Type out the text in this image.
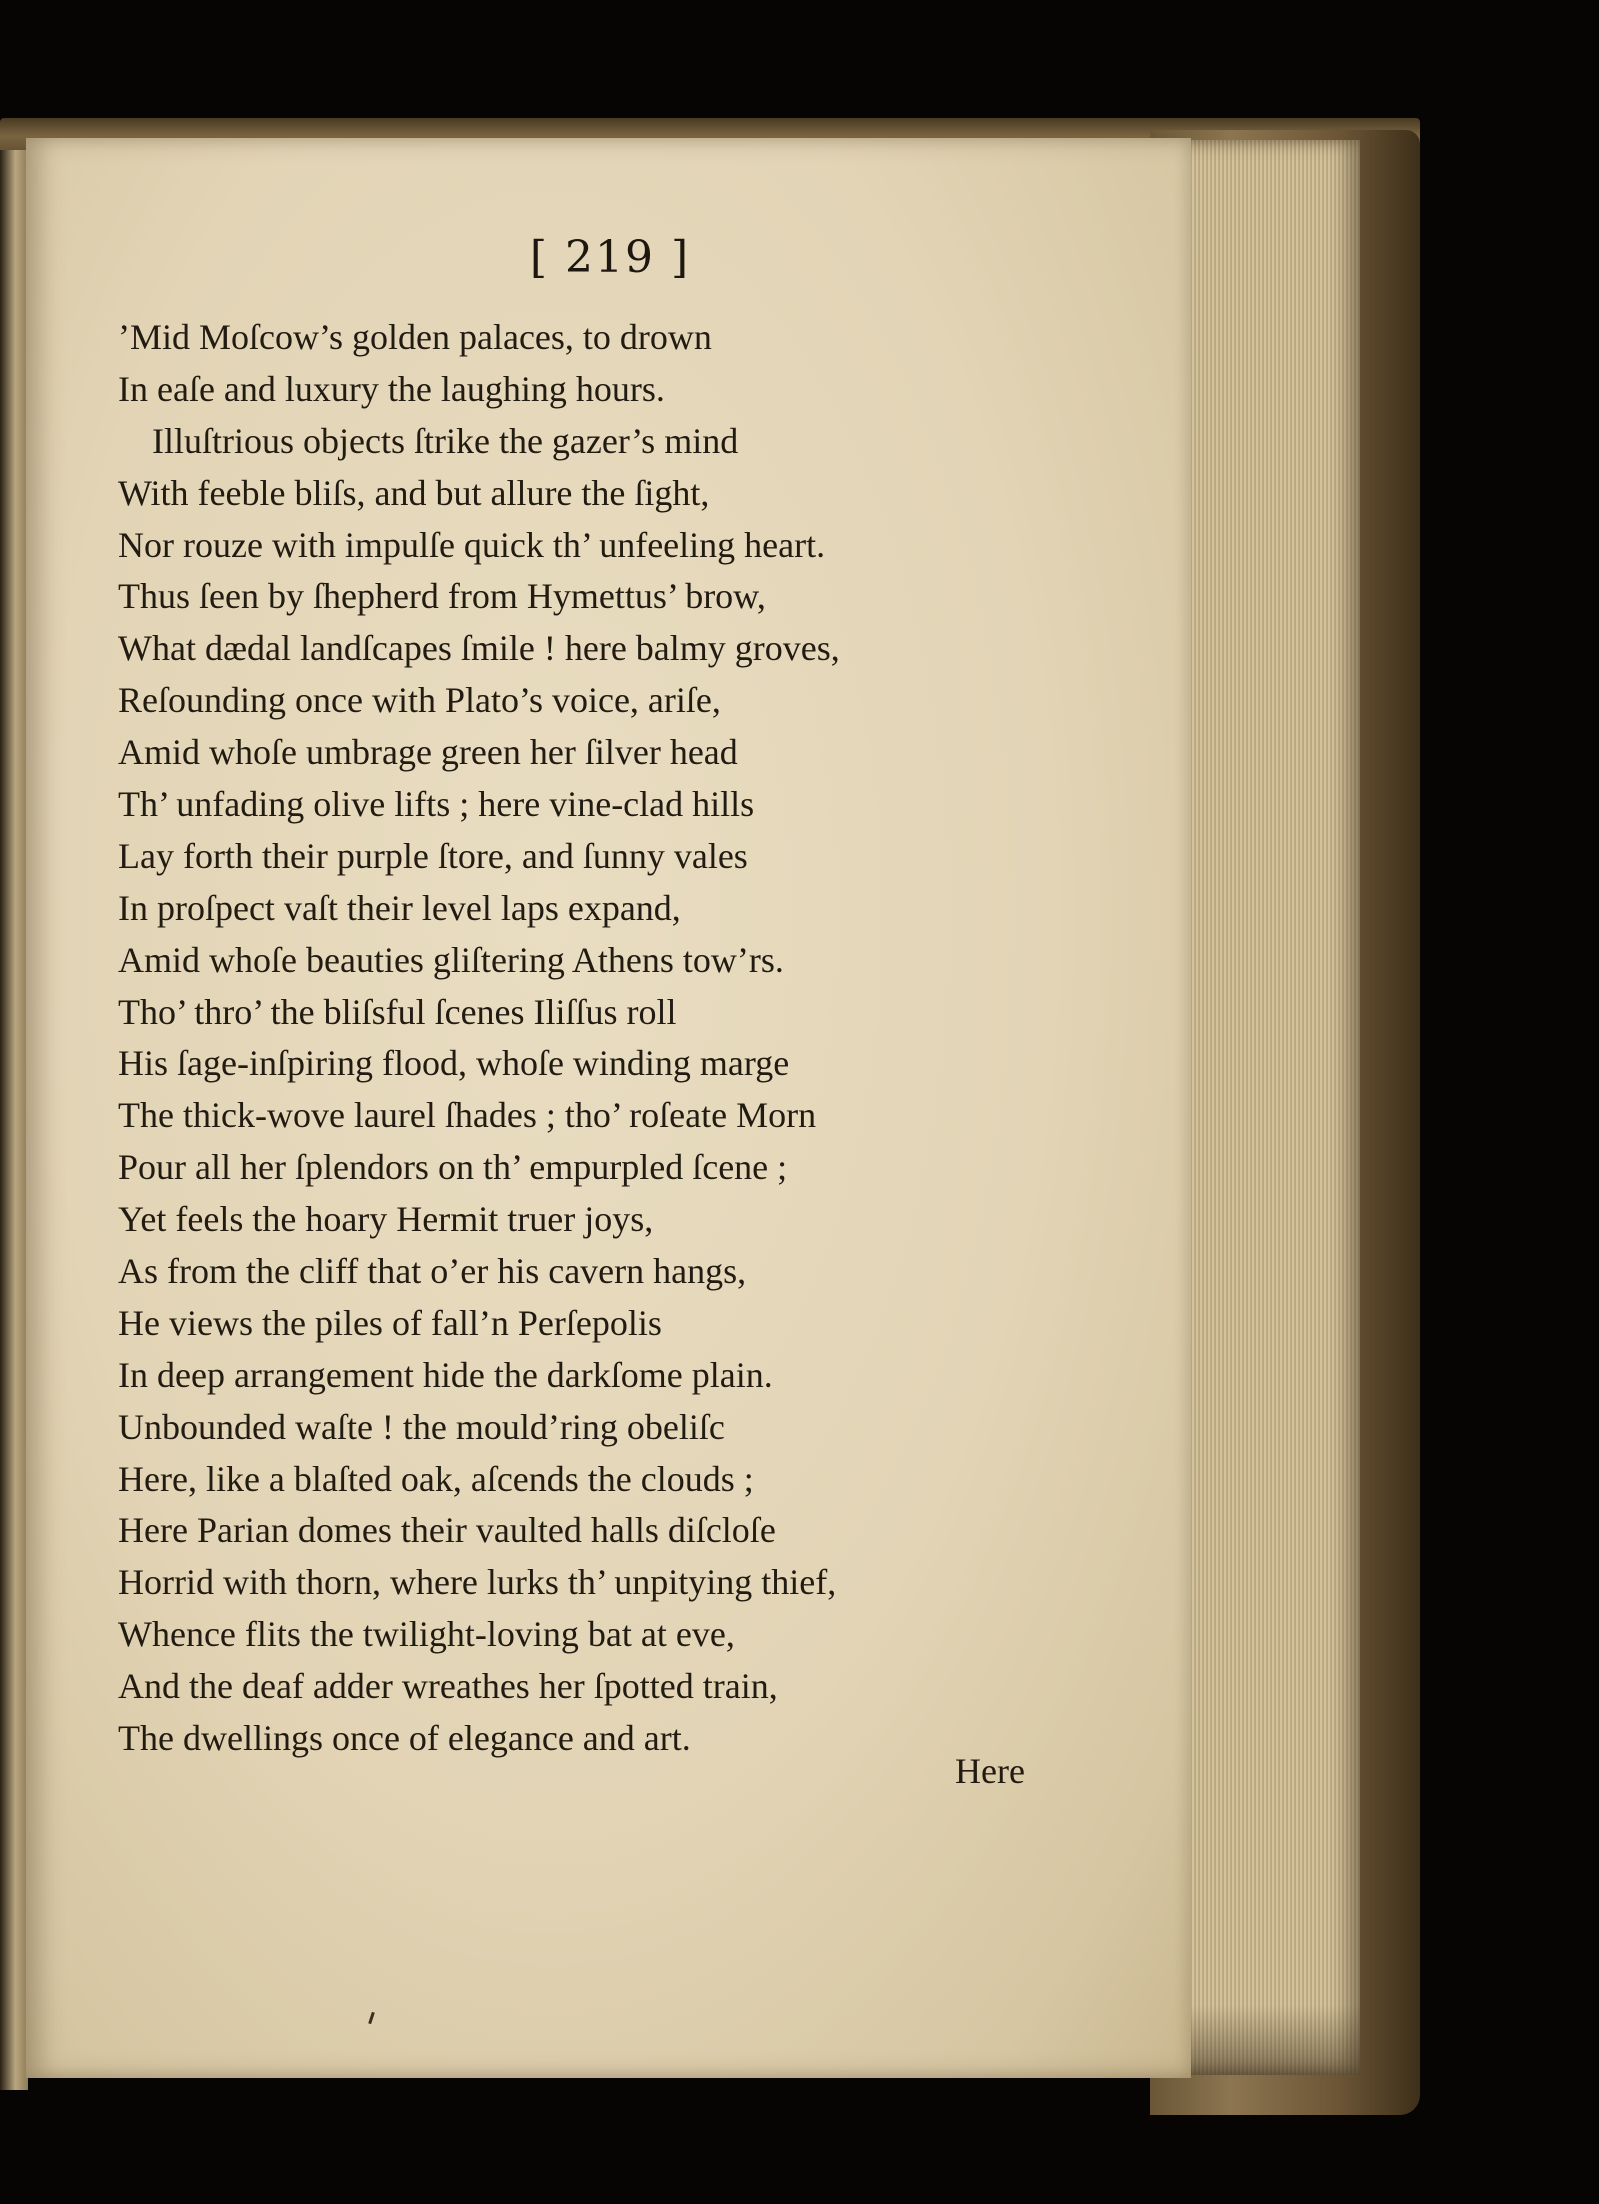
[ 219 ]
’Mid Moſcow’s golden palaces, to drown
In eaſe and luxury the laughing hours.
Illuſtrious objects ſtrike the gazer’s mind
With feeble bliſs, and but allure the ſight,
Nor rouze with impulſe quick th’ unfeeling heart.
Thus ſeen by ſhepherd from Hymettus’ brow,
What dædal landſcapes ſmile ! here balmy groves,
Reſounding once with Plato’s voice, ariſe,
Amid whoſe umbrage green her ſilver head
Th’ unfading olive lifts ; here vine-clad hills
Lay forth their purple ſtore, and ſunny vales
In proſpect vaſt their level laps expand,
Amid whoſe beauties gliſtering Athens tow’rs.
Tho’ thro’ the bliſsful ſcenes Iliſſus roll
His ſage-inſpiring flood, whoſe winding marge
The thick-wove laurel ſhades ; tho’ roſeate Morn
Pour all her ſplendors on th’ empurpled ſcene ;
Yet feels the hoary Hermit truer joys,
As from the cliff that o’er his cavern hangs,
He views the piles of fall’n Perſepolis
In deep arrangement hide the darkſome plain.
Unbounded waſte ! the mould’ring obeliſc
Here, like a blaſted oak, aſcends the clouds ;
Here Parian domes their vaulted halls diſcloſe
Horrid with thorn, where lurks th’ unpitying thief,
Whence flits the twilight-loving bat at eve,
And the deaf adder wreathes her ſpotted train,
The dwellings once of elegance and art.
Here
